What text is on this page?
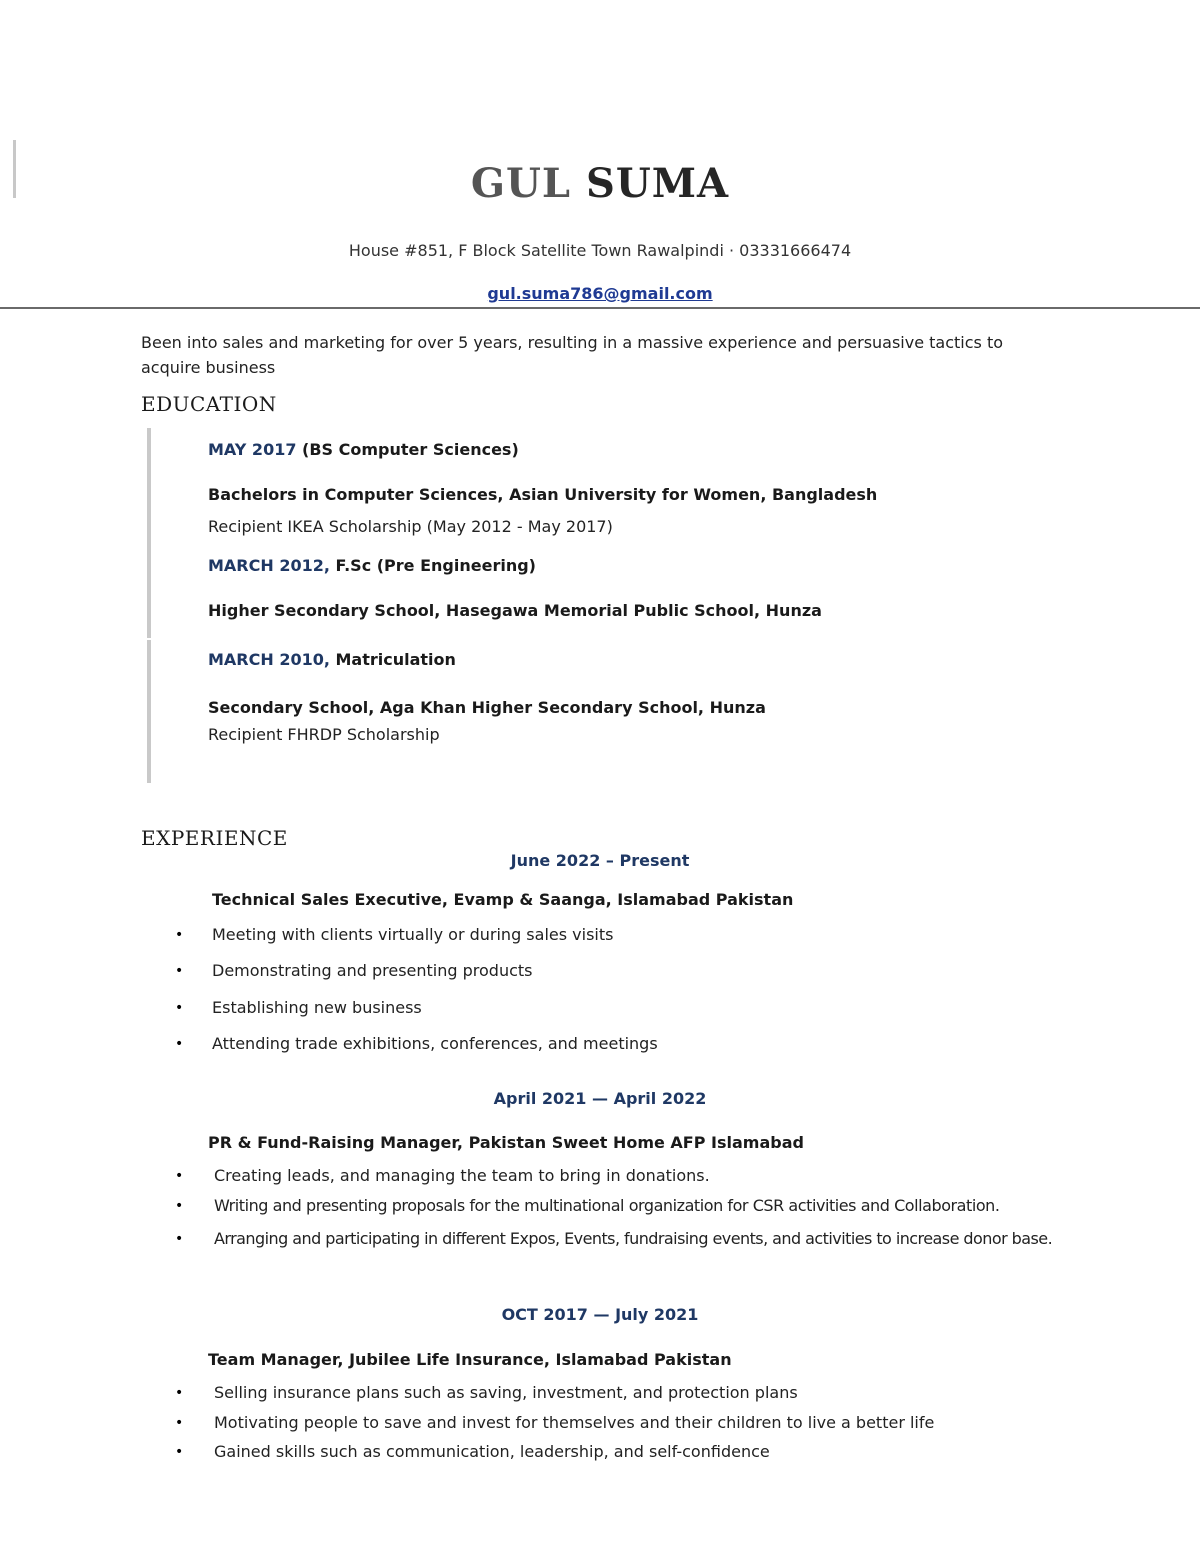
GUL SUMA
House #851, F Block Satellite Town Rawalpindi · 03331666474
gul.suma786@gmail.com
Been into sales and marketing for over 5 years, resulting in a massive experience and persuasive tactics to acquire business
EDUCATION
MAY 2017 (BS Computer Sciences)
Bachelors in Computer Sciences, Asian University for Women, Bangladesh
Recipient IKEA Scholarship (May 2012 - May 2017)
MARCH 2012, F.Sc (Pre Engineering)
Higher Secondary School, Hasegawa Memorial Public School, Hunza
MARCH 2010, Matriculation
Secondary School, Aga Khan Higher Secondary School, Hunza
Recipient FHRDP Scholarship
EXPERIENCE
June 2022 – Present
Technical Sales Executive, Evamp & Saanga, Islamabad Pakistan
• Meeting with clients virtually or during sales visits
• Demonstrating and presenting products
• Establishing new business
• Attending trade exhibitions, conferences, and meetings
April 2021 — April 2022
PR & Fund-Raising Manager, Pakistan Sweet Home AFP Islamabad
• Creating leads, and managing the team to bring in donations.
• Writing and presenting proposals for the multinational organization for CSR activities and Collaboration.
• Arranging and participating in different Expos, Events, fundraising events, and activities to increase donor base.
OCT 2017 — July 2021
Team Manager, Jubilee Life Insurance, Islamabad Pakistan
• Selling insurance plans such as saving, investment, and protection plans
• Motivating people to save and invest for themselves and their children to live a better life
• Gained skills such as communication, leadership, and self-confidence
